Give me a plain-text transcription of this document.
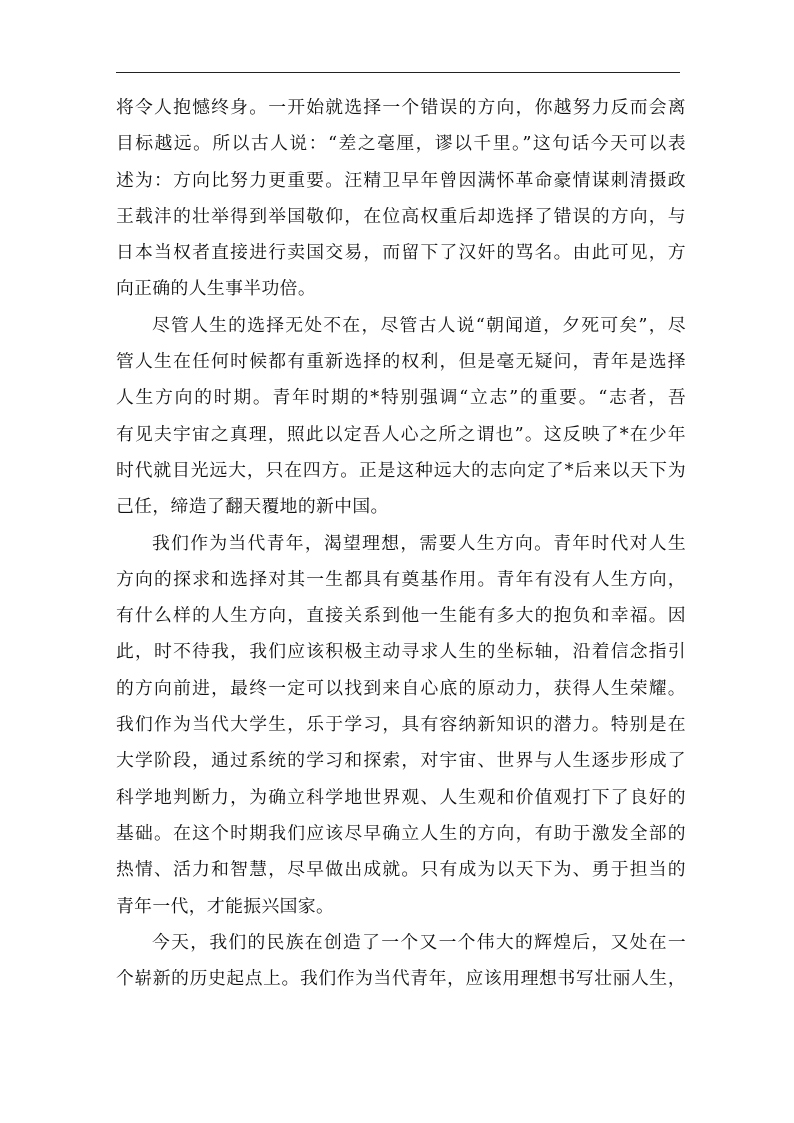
将令人抱憾终身。一开始就选择一个错误的方向，你越努力反而会离
目标越远。所以古人说：“差之毫厘，谬以千里。”这句话今天可以表
述为：方向比努力更重要。汪精卫早年曾因满怀革命豪情谋刺清摄政
王载沣的壮举得到举国敬仰，在位高权重后却选择了错误的方向，与
日本当权者直接进行卖国交易，而留下了汉奸的骂名。由此可见，方
向正确的人生事半功倍。

尽管人生的选择无处不在，尽管古人说“朝闻道，夕死可矣”，尽
管人生在任何时候都有重新选择的权利，但是毫无疑问，青年是选择
人生方向的时期。青年时期的*特别强调“立志”的重要。“志者，吾
有见夫宇宙之真理，照此以定吾人心之所之谓也”。这反映了*在少年
时代就目光远大，只在四方。正是这种远大的志向定了*后来以天下为
己任，缔造了翻天覆地的新中国。

我们作为当代青年，渴望理想，需要人生方向。青年时代对人生
方向的探求和选择对其一生都具有奠基作用。青年有没有人生方向，
有什么样的人生方向，直接关系到他一生能有多大的抱负和幸福。因
此，时不待我，我们应该积极主动寻求人生的坐标轴，沿着信念指引
的方向前进，最终一定可以找到来自心底的原动力，获得人生荣耀。
我们作为当代大学生，乐于学习，具有容纳新知识的潜力。特别是在
大学阶段，通过系统的学习和探索，对宇宙、世界与人生逐步形成了
科学地判断力，为确立科学地世界观、人生观和价值观打下了良好的
基础。在这个时期我们应该尽早确立人生的方向，有助于激发全部的
热情、活力和智慧，尽早做出成就。只有成为以天下为、勇于担当的
青年一代，才能振兴国家。

今天，我们的民族在创造了一个又一个伟大的辉煌后，又处在一
个崭新的历史起点上。我们作为当代青年，应该用理想书写壮丽人生，
